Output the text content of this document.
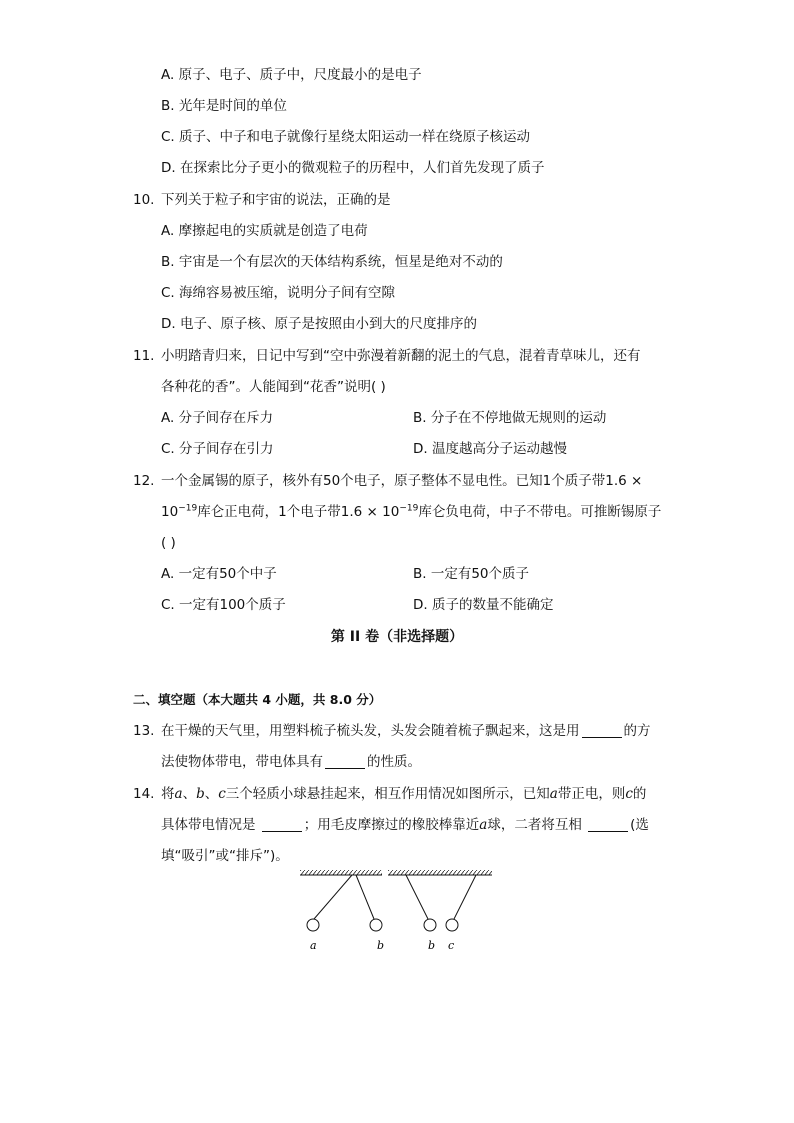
A. 原子、电子、质子中，尺度最小的是电子
B. 光年是时间的单位
C. 质子、中子和电子就像行星绕太阳运动一样在绕原子核运动
D. 在探索比分子更小的微观粒子的历程中，人们首先发现了质子
10. 下列关于粒子和宇宙的说法，正确的是
A. 摩擦起电的实质就是创造了电荷
B. 宇宙是一个有层次的天体结构系统，恒星是绝对不动的
C. 海绵容易被压缩，说明分子间有空隙
D. 电子、原子核、原子是按照由小到大的尺度排序的
11. 小明踏青归来，日记中写到“空中弥漫着新翻的泥土的气息，混着青草味儿，还有
各种花的香”。人能闻到“花香”说明( )
A. 分子间存在斥力	B. 分子在不停地做无规则的运动
C. 分子间存在引力	D. 温度越高分子运动越慢
12. 一个金属锡的原子，核外有50个电子，原子整体不显电性。已知1个质子带1.6 ×
$10^{-19}$库仑正电荷，1个电子带$1.6 \times 10^{-19}$库仑负电荷，中子不带电。可推断锡原子
( )
A. 一定有50个中子	B. 一定有50个质子
C. 一定有100个质子	D. 质子的数量不能确定
第 II 卷（非选择题）
二、填空题（本大题共 4 小题，共 8.0 分）
13. 在干燥的天气里，用塑料梳子梳头发，头发会随着梳子飘起来，这是用	的方
法使物体带电，带电体具有	的性质。
14. 将a、b、c三个轻质小球悬挂起来，相互作用情况如图所示，已知a带正电，则c的
具体带电情况是	；用毛皮摩擦过的橡胶棒靠近a球，二者将互相	(选
填“吸引”或“排斥”)。
a	b	b c
